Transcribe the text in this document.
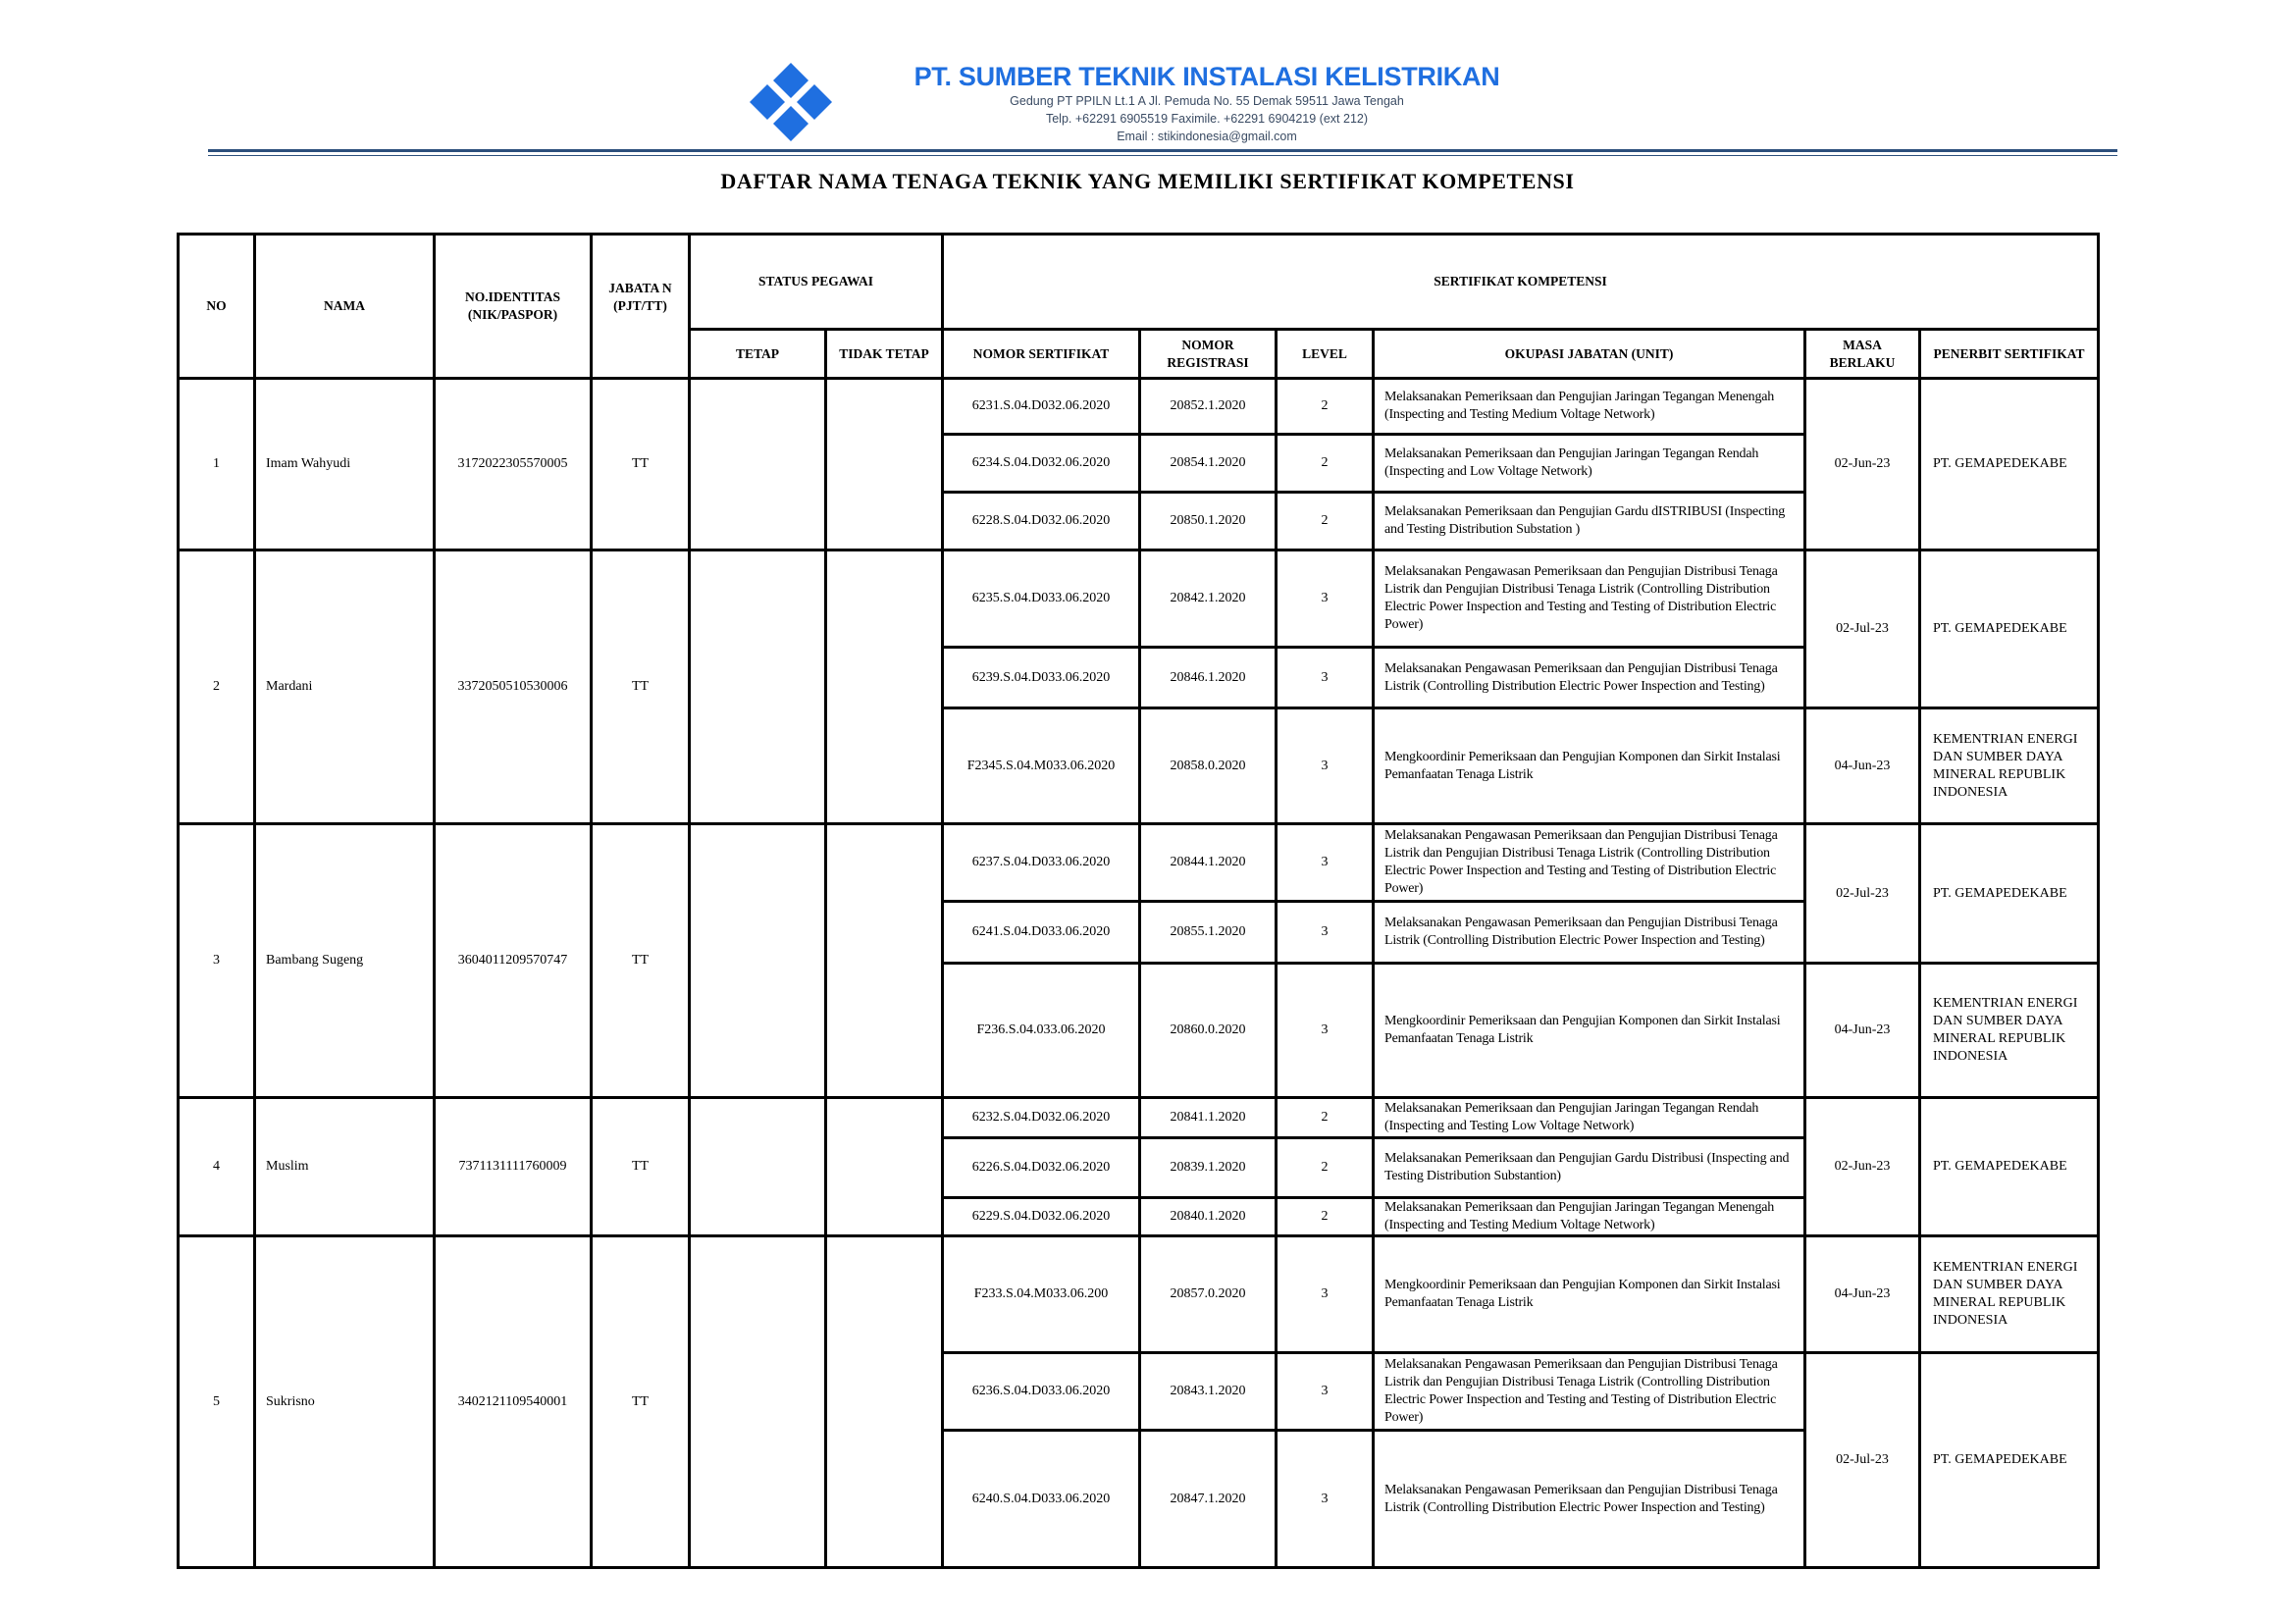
PT. SUMBER TEKNIK INSTALASI KELISTRIKAN
Gedung PT PPILN Lt.1 A Jl. Pemuda No. 55 Demak 59511 Jawa Tengah
Telp. +62291 6905519 Faximile. +62291 6904219 (ext 212)
Email : stikindonesia@gmail.com
DAFTAR NAMA TENAGA TEKNIK YANG MEMILIKI SERTIFIKAT KOMPETENSI
NO	NAMA	NO.IDENTITAS (NIK/PASPOR)	JABATA N (PJT/TT)	STATUS PEGAWAI		SERTIFIKAT KOMPETENSI					
				TETAP	TIDAK TETAP	NOMOR SERTIFIKAT	NOMOR REGISTRASI	LEVEL	OKUPASI JABATAN (UNIT)	MASA BERLAKU	PENERBIT SERTIFIKAT
1	Imam Wahyudi	3172022305570005	TT			6231.S.04.D032.06.2020	20852.1.2020	2	Melaksanakan Pemeriksaan dan Pengujian Jaringan Tegangan Menengah (Inspecting and Testing Medium Voltage Network)	02-Jun-23	PT. GEMAPEDEKABE
						6234.S.04.D032.06.2020	20854.1.2020	2	Melaksanakan Pemeriksaan dan Pengujian Jaringan Tegangan Rendah (Inspecting and Low Voltage Network)		
						6228.S.04.D032.06.2020	20850.1.2020	2	Melaksanakan Pemeriksaan dan Pengujian Gardu dISTRIBUSI (Inspecting and Testing Distribution Substation )		
2	Mardani	3372050510530006	TT			6235.S.04.D033.06.2020	20842.1.2020	3	Melaksanakan Pengawasan Pemeriksaan dan Pengujian Distribusi Tenaga Listrik dan Pengujian Distribusi Tenaga Listrik (Controlling Distribution Electric Power Inspection and Testing and Testing of Distribution Electric Power)	02-Jul-23	PT. GEMAPEDEKABE
						6239.S.04.D033.06.2020	20846.1.2020	3	Melaksanakan Pengawasan Pemeriksaan dan Pengujian Distribusi Tenaga Listrik (Controlling Distribution Electric Power Inspection and Testing)		
						F2345.S.04.M033.06.2020	20858.0.2020	3	Mengkoordinir Pemeriksaan dan Pengujian Komponen dan Sirkit Instalasi Pemanfaatan Tenaga Listrik	04-Jun-23	KEMENTRIAN ENERGI DAN SUMBER DAYA MINERAL REPUBLIK INDONESIA
3	Bambang Sugeng	3604011209570747	TT			6237.S.04.D033.06.2020	20844.1.2020	3	Melaksanakan Pengawasan Pemeriksaan dan Pengujian Distribusi Tenaga Listrik dan Pengujian Distribusi Tenaga Listrik (Controlling Distribution Electric Power Inspection and Testing and Testing of Distribution Electric Power)	02-Jul-23	PT. GEMAPEDEKABE
						6241.S.04.D033.06.2020	20855.1.2020	3	Melaksanakan Pengawasan Pemeriksaan dan Pengujian Distribusi Tenaga Listrik (Controlling Distribution Electric Power Inspection and Testing)		
						F236.S.04.033.06.2020	20860.0.2020	3	Mengkoordinir Pemeriksaan dan Pengujian Komponen dan Sirkit Instalasi Pemanfaatan Tenaga Listrik	04-Jun-23	KEMENTRIAN ENERGI DAN SUMBER DAYA MINERAL REPUBLIK INDONESIA
4	Muslim	7371131111760009	TT			6232.S.04.D032.06.2020	20841.1.2020	2	Melaksanakan Pemeriksaan dan Pengujian Jaringan Tegangan Rendah (Inspecting and Testing Low Voltage Network)	02-Jun-23	PT. GEMAPEDEKABE
						6226.S.04.D032.06.2020	20839.1.2020	2	Melaksanakan Pemeriksaan dan Pengujian Gardu Distribusi (Inspecting and Testing Distribution Substantion)		
						6229.S.04.D032.06.2020	20840.1.2020	2	Melaksanakan Pemeriksaan dan Pengujian Jaringan Tegangan Menengah (Inspecting and Testing Medium Voltage Network)		
5	Sukrisno	3402121109540001	TT			F233.S.04.M033.06.200	20857.0.2020	3	Mengkoordinir Pemeriksaan dan Pengujian Komponen dan Sirkit Instalasi Pemanfaatan Tenaga Listrik	04-Jun-23	KEMENTRIAN ENERGI DAN SUMBER DAYA MINERAL REPUBLIK INDONESIA
						6236.S.04.D033.06.2020	20843.1.2020	3	Melaksanakan Pengawasan Pemeriksaan dan Pengujian Distribusi Tenaga Listrik dan Pengujian Distribusi Tenaga Listrik (Controlling Distribution Electric Power Inspection and Testing and Testing of Distribution Electric Power)	02-Jul-23	PT. GEMAPEDEKABE
						6240.S.04.D033.06.2020	20847.1.2020	3	Melaksanakan Pengawasan Pemeriksaan dan Pengujian Distribusi Tenaga Listrik (Controlling Distribution Electric Power Inspection and Testing)		
